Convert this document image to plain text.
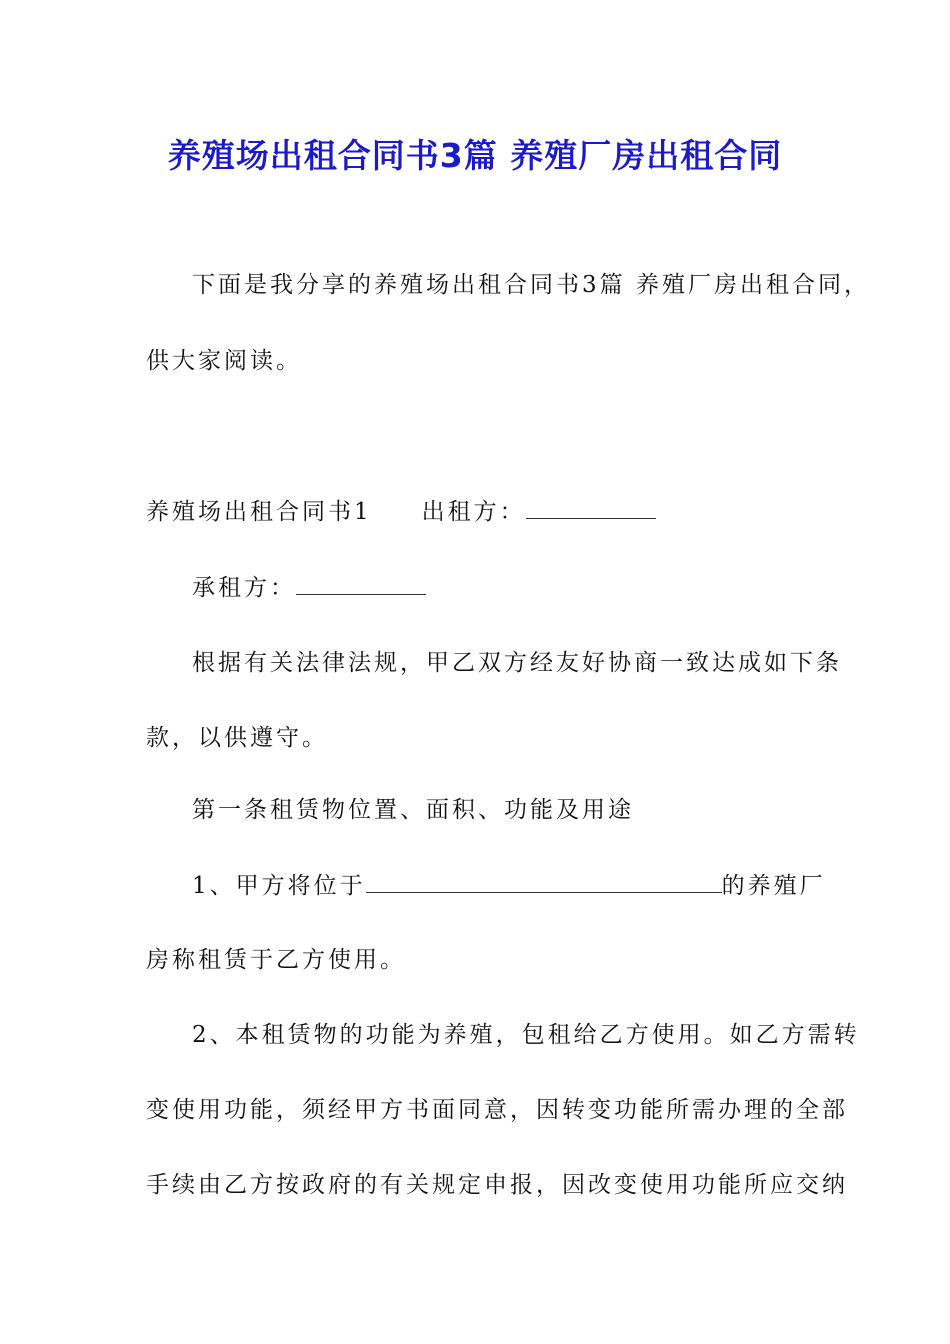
养殖场出租合同书3篇 养殖厂房出租合同
下面是我分享的养殖场出租合同书3篇 养殖厂房出租合同，
供大家阅读。
养殖场出租合同书1 出租方：
承租方：
根据有关法律法规，甲乙双方经友好协商一致达成如下条
款，以供遵守。
第一条租赁物位置、面积、功能及用途
1、甲方将位于	的养殖厂
房称租赁于乙方使用。
2、本租赁物的功能为养殖，包租给乙方使用。如乙方需转
变使用功能，须经甲方书面同意，因转变功能所需办理的全部
手续由乙方按政府的有关规定申报，因改变使用功能所应交纳
